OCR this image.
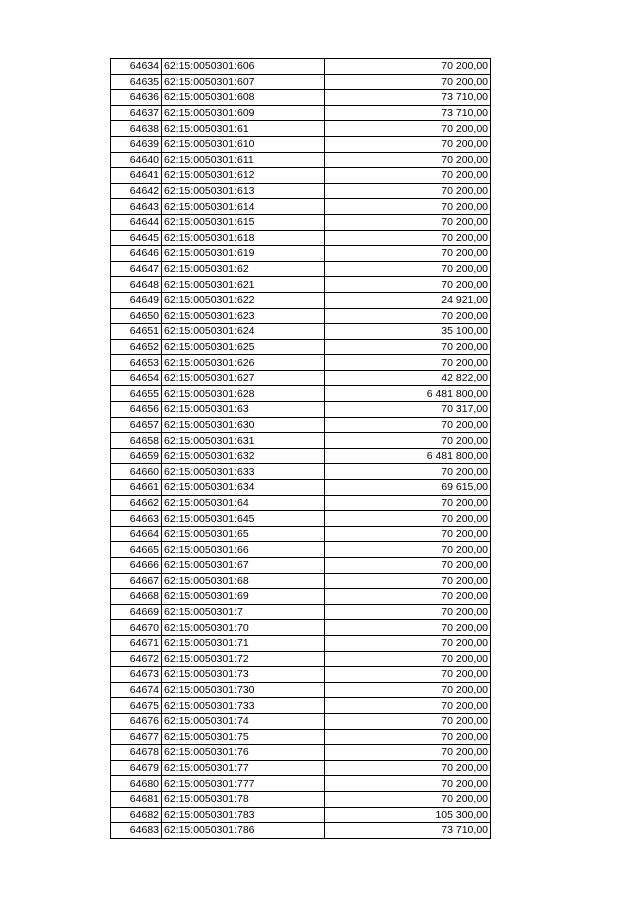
64634	62:15:0050301:606	70 200,00
64635	62:15:0050301:607	70 200,00
64636	62:15:0050301:608	73 710,00
64637	62:15:0050301:609	73 710,00
64638	62:15:0050301:61	70 200,00
64639	62:15:0050301:610	70 200,00
64640	62:15:0050301:611	70 200,00
64641	62:15:0050301:612	70 200,00
64642	62:15:0050301:613	70 200,00
64643	62:15:0050301:614	70 200,00
64644	62:15:0050301:615	70 200,00
64645	62:15:0050301:618	70 200,00
64646	62:15:0050301:619	70 200,00
64647	62:15:0050301:62	70 200,00
64648	62:15:0050301:621	70 200,00
64649	62:15:0050301:622	24 921,00
64650	62:15:0050301:623	70 200,00
64651	62:15:0050301:624	35 100,00
64652	62:15:0050301:625	70 200,00
64653	62:15:0050301:626	70 200,00
64654	62:15:0050301:627	42 822,00
64655	62:15:0050301:628	6 481 800,00
64656	62:15:0050301:63	70 317,00
64657	62:15:0050301:630	70 200,00
64658	62:15:0050301:631	70 200,00
64659	62:15:0050301:632	6 481 800,00
64660	62:15:0050301:633	70 200,00
64661	62:15:0050301:634	69 615,00
64662	62:15:0050301:64	70 200,00
64663	62:15:0050301:645	70 200,00
64664	62:15:0050301:65	70 200,00
64665	62:15:0050301:66	70 200,00
64666	62:15:0050301:67	70 200,00
64667	62:15:0050301:68	70 200,00
64668	62:15:0050301:69	70 200,00
64669	62:15:0050301:7	70 200,00
64670	62:15:0050301:70	70 200,00
64671	62:15:0050301:71	70 200,00
64672	62:15:0050301:72	70 200,00
64673	62:15:0050301:73	70 200,00
64674	62:15:0050301:730	70 200,00
64675	62:15:0050301:733	70 200,00
64676	62:15:0050301:74	70 200,00
64677	62:15:0050301:75	70 200,00
64678	62:15:0050301:76	70 200,00
64679	62:15:0050301:77	70 200,00
64680	62:15:0050301:777	70 200,00
64681	62:15:0050301:78	70 200,00
64682	62:15:0050301:783	105 300,00
64683	62:15:0050301:786	73 710,00
